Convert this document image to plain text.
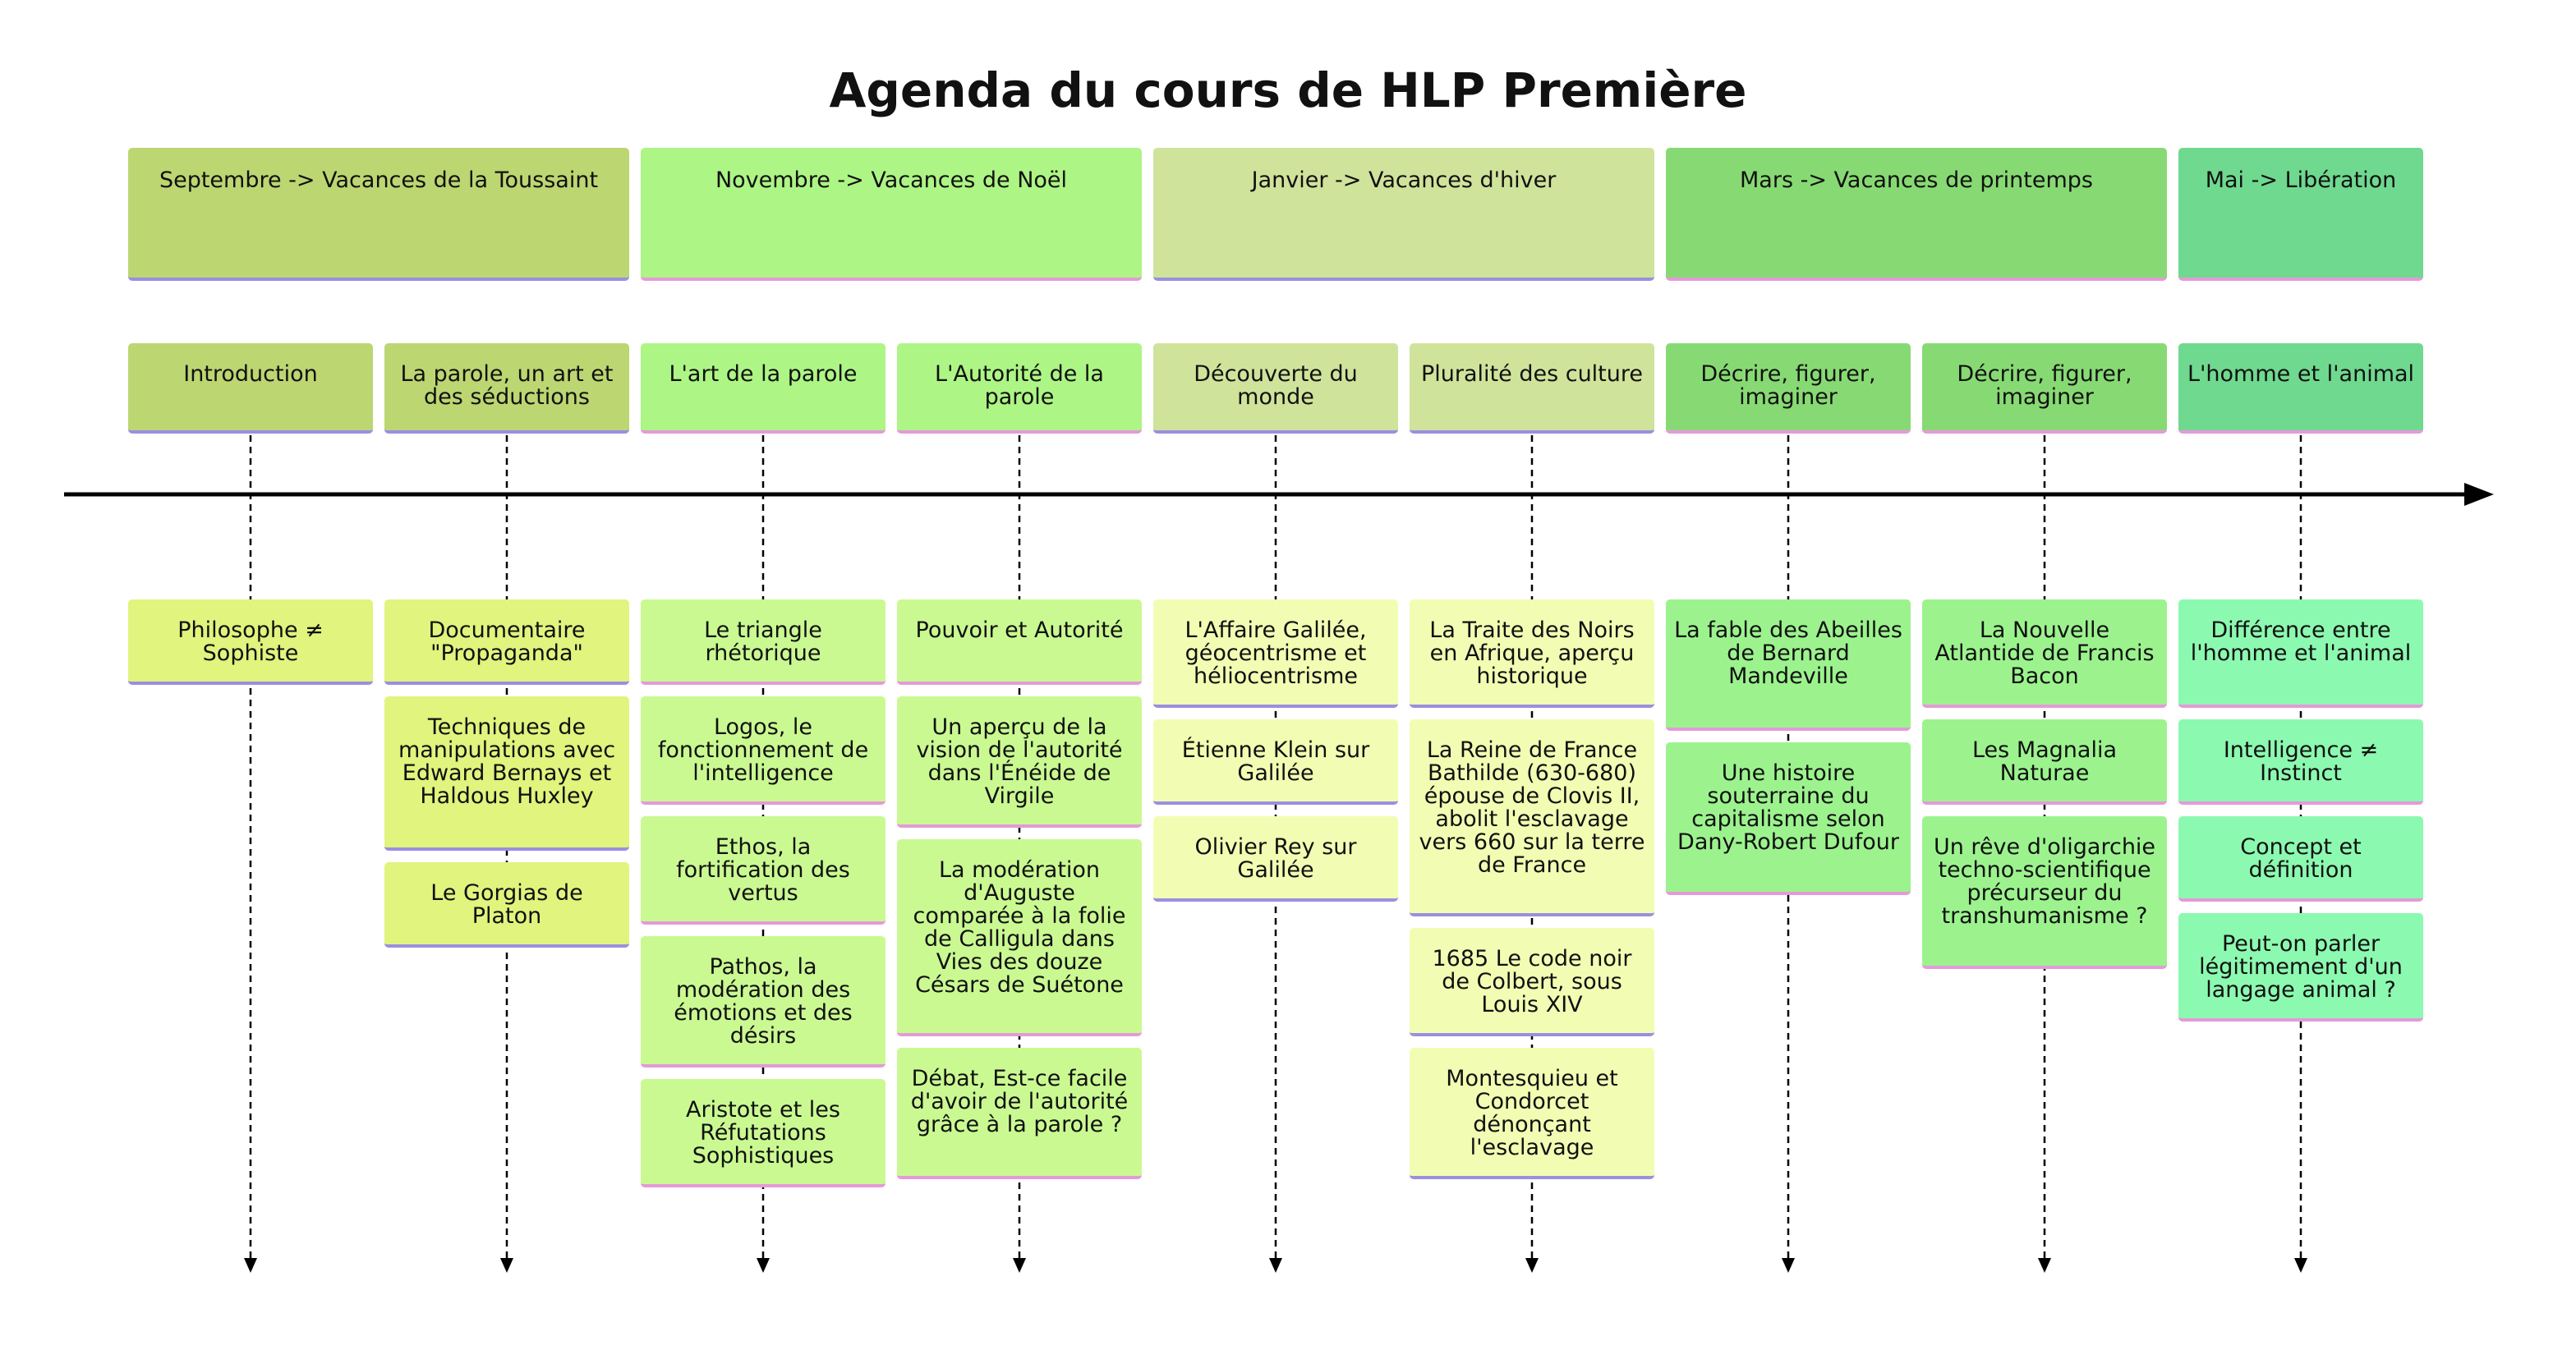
Agenda du cours de HLP Première
Septembre -> Vacances de la Toussaint	Novembre -> Vacances de Noël	Janvier -> Vacances d'hiver	Mars -> Vacances de printemps	Mai -> Libération
Introduction
Philosophe ≠ Sophiste
La parole, un art et des séductions
Documentaire "Propaganda"
Techniques de manipulations avec Edward Bernays et Haldous Huxley
Le Gorgias de Platon
L'art de la parole
Le triangle rhétorique
Logos, le fonctionnement de l'intelligence
Ethos, la fortification des vertus
Pathos, la modération des émotions et des désirs
Aristote et les Réfutations Sophistiques
L'Autorité de la parole
Pouvoir et Autorité
Un aperçu de la vision de l'autorité dans l'Énéide de Virgile
La modération d'Auguste comparée à la folie de Calligula dans Vies des douze Césars de Suétone
Débat, Est-ce facile d'avoir de l'autorité grâce à la parole ?
Découverte du monde
L'Affaire Galilée, géocentrisme et héliocentrisme
Étienne Klein sur Galilée
Olivier Rey sur Galilée
Pluralité des culture
La Traite des Noirs en Afrique, aperçu historique
La Reine de France Bathilde (630-680) épouse de Clovis II, abolit l'esclavage vers 660 sur la terre de France
1685 Le code noir de Colbert, sous Louis XIV
Montesquieu et Condorcet dénonçant l'esclavage
Décrire, figurer, imaginer
La fable des Abeilles de Bernard Mandeville
Une histoire souterraine du capitalisme selon Dany-Robert Dufour
Décrire, figurer, imaginer
La Nouvelle Atlantide de Francis Bacon
Les Magnalia Naturae
Un rêve d'oligarchie techno-scientifique précurseur du transhumanisme ?
L'homme et l'animal
Différence entre l'homme et l'animal
Intelligence ≠ Instinct
Concept et définition
Peut-on parler légitimement d'un langage animal ?
